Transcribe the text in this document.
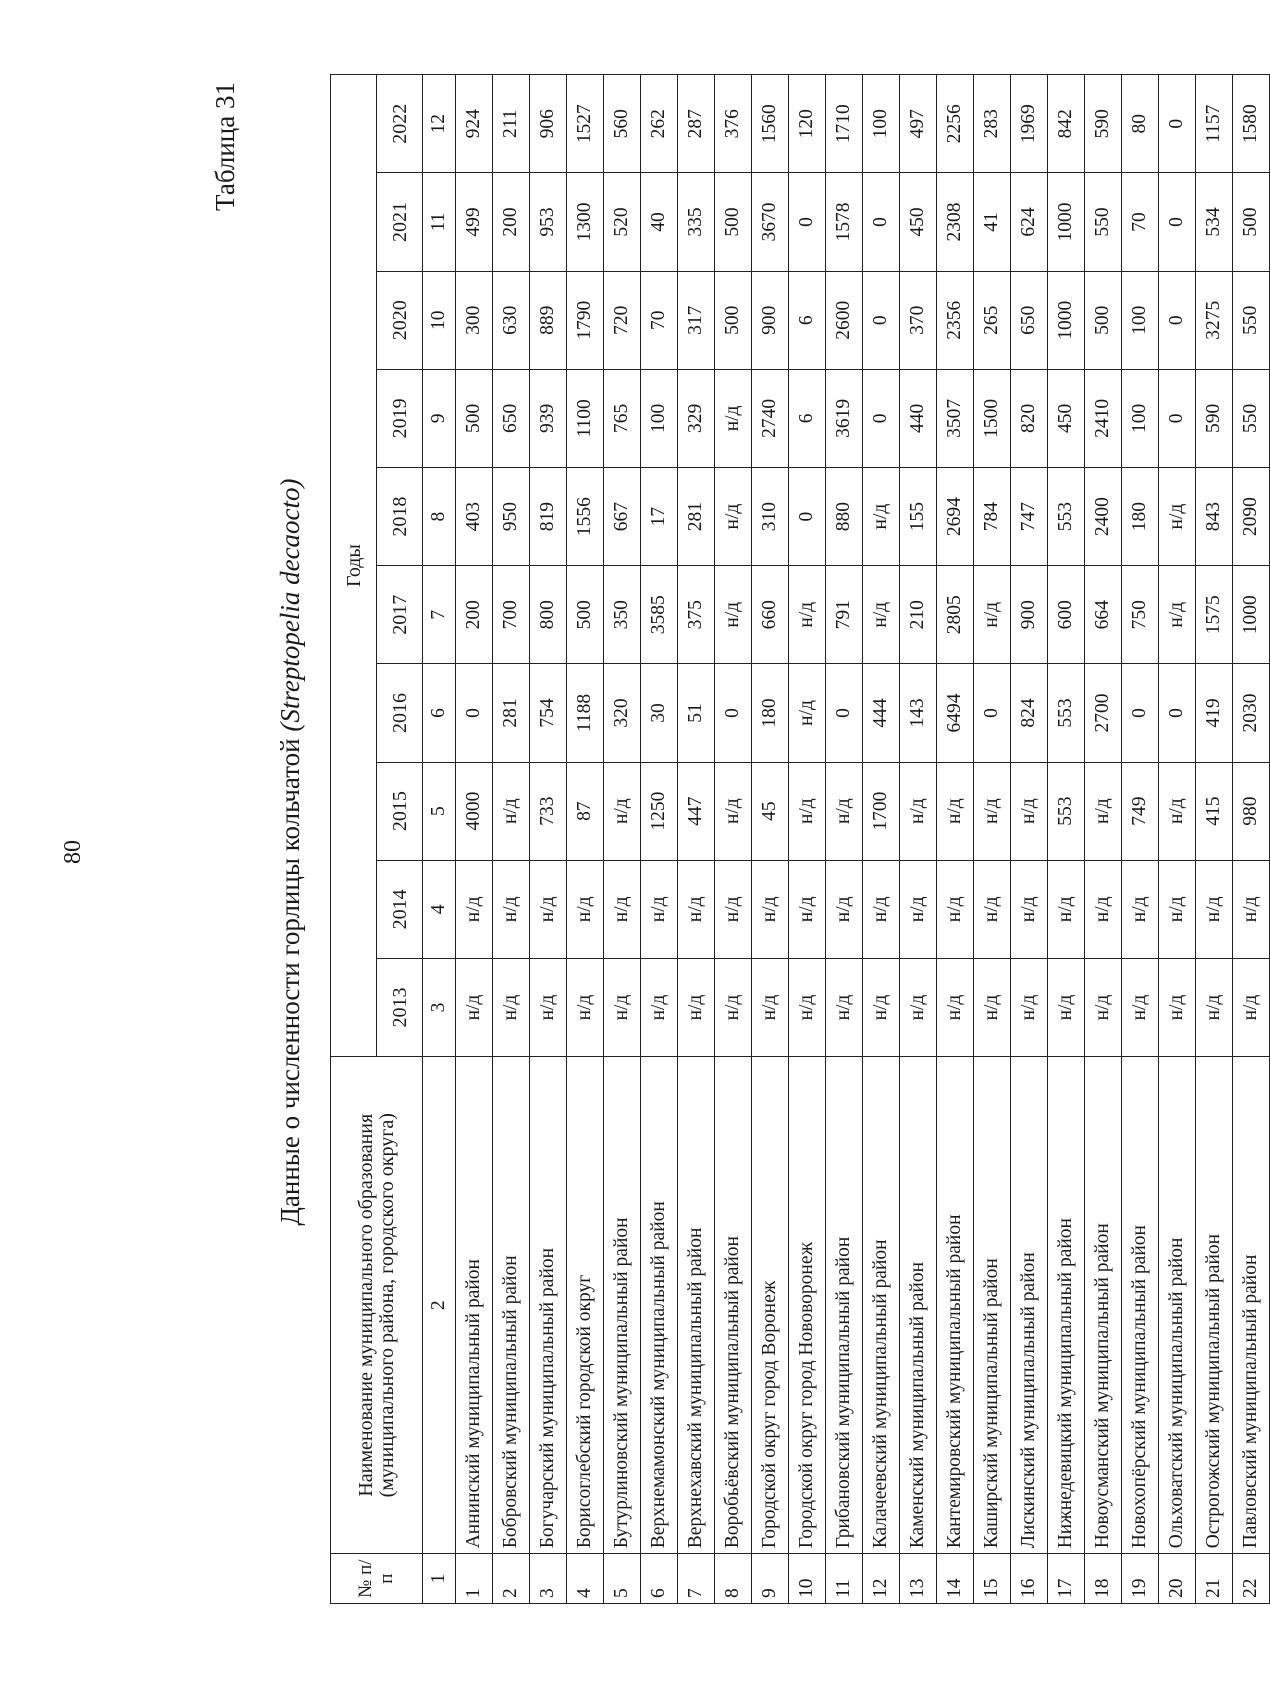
80
Таблица 31
Данные о численности горлицы кольчатой (Streptopelia decaocto)
№ п/п	Наименование муниципального образования (муниципального района, городского округа)	Годы									
		2013	2014	2015	2016	2017	2018	2019	2020	2021	2022
1	2	3	4	5	6	7	8	9	10	11	12
1	Аннинский муниципальный район	н/д	н/д	4000	0	200	403	500	300	499	924
2	Бобровский муниципальный район	н/д	н/д	н/д	281	700	950	650	630	200	211
3	Богучарский муниципальный район	н/д	н/д	733	754	800	819	939	889	953	906
4	Борисоглебский городской округ	н/д	н/д	87	1188	500	1556	1100	1790	1300	1527
5	Бутурлиновский муниципальный район	н/д	н/д	н/д	320	350	667	765	720	520	560
6	Верхнемамонский муниципальный район	н/д	н/д	1250	30	3585	17	100	70	40	262
7	Верхнехавский муниципальный район	н/д	н/д	447	51	375	281	329	317	335	287
8	Воробьёвский муниципальный район	н/д	н/д	н/д	0	н/д	н/д	н/д	500	500	376
9	Городской округ город Воронеж	н/д	н/д	45	180	660	310	2740	900	3670	1560
10	Городской округ город Нововоронеж	н/д	н/д	н/д	н/д	н/д	0	6	6	0	120
11	Грибановский муниципальный район	н/д	н/д	н/д	0	791	880	3619	2600	1578	1710
12	Калачеевский муниципальный район	н/д	н/д	1700	444	н/д	н/д	0	0	0	100
13	Каменский муниципальный район	н/д	н/д	н/д	143	210	155	440	370	450	497
14	Кантемировский муниципальный район	н/д	н/д	н/д	6494	2805	2694	3507	2356	2308	2256
15	Каширский муниципальный район	н/д	н/д	н/д	0	н/д	784	1500	265	41	283
16	Лискинский муниципальный район	н/д	н/д	н/д	824	900	747	820	650	624	1969
17	Нижнедевицкий муниципальный район	н/д	н/д	553	553	600	553	450	1000	1000	842
18	Новоусманский муниципальный район	н/д	н/д	н/д	2700	664	2400	2410	500	550	590
19	Новохопёрский муниципальный район	н/д	н/д	749	0	750	180	100	100	70	80
20	Ольховатский муниципальный район	н/д	н/д	н/д	0	н/д	н/д	0	0	0	0
21	Острогожский муниципальный район	н/д	н/д	415	419	1575	843	590	3275	534	1157
22	Павловский муниципальный район	н/д	н/д	980	2030	1000	2090	550	550	500	1580
